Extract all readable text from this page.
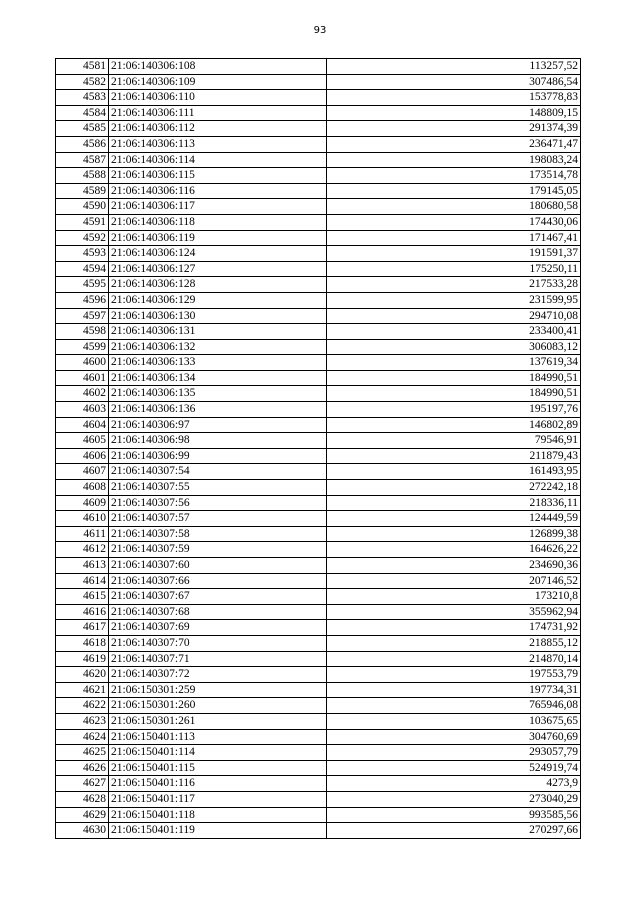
93
4581	21:06:140306:108	113257,52
4582	21:06:140306:109	307486,54
4583	21:06:140306:110	153778,83
4584	21:06:140306:111	148809,15
4585	21:06:140306:112	291374,39
4586	21:06:140306:113	236471,47
4587	21:06:140306:114	198083,24
4588	21:06:140306:115	173514,78
4589	21:06:140306:116	179145,05
4590	21:06:140306:117	180680,58
4591	21:06:140306:118	174430,06
4592	21:06:140306:119	171467,41
4593	21:06:140306:124	191591,37
4594	21:06:140306:127	175250,11
4595	21:06:140306:128	217533,28
4596	21:06:140306:129	231599,95
4597	21:06:140306:130	294710,08
4598	21:06:140306:131	233400,41
4599	21:06:140306:132	306083,12
4600	21:06:140306:133	137619,34
4601	21:06:140306:134	184990,51
4602	21:06:140306:135	184990,51
4603	21:06:140306:136	195197,76
4604	21:06:140306:97	146802,89
4605	21:06:140306:98	79546,91
4606	21:06:140306:99	211879,43
4607	21:06:140307:54	161493,95
4608	21:06:140307:55	272242,18
4609	21:06:140307:56	218336,11
4610	21:06:140307:57	124449,59
4611	21:06:140307:58	126899,38
4612	21:06:140307:59	164626,22
4613	21:06:140307:60	234690,36
4614	21:06:140307:66	207146,52
4615	21:06:140307:67	173210,8
4616	21:06:140307:68	355962,94
4617	21:06:140307:69	174731,92
4618	21:06:140307:70	218855,12
4619	21:06:140307:71	214870,14
4620	21:06:140307:72	197553,79
4621	21:06:150301:259	197734,31
4622	21:06:150301:260	765946,08
4623	21:06:150301:261	103675,65
4624	21:06:150401:113	304760,69
4625	21:06:150401:114	293057,79
4626	21:06:150401:115	524919,74
4627	21:06:150401:116	4273,9
4628	21:06:150401:117	273040,29
4629	21:06:150401:118	993585,56
4630	21:06:150401:119	270297,66
